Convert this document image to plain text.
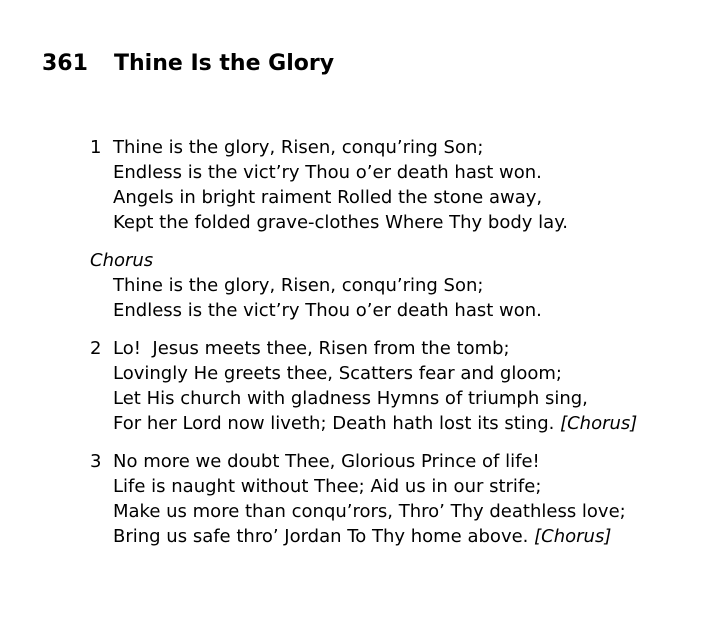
361 Thine Is the Glory
1 Thine is the glory, Risen, conqu’ring Son;
Endless is the vict’ry Thou o’er death hast won.
Angels in bright raiment Rolled the stone away,
Kept the folded grave-clothes Where Thy body lay.
Chorus
Thine is the glory, Risen, conqu’ring Son;
Endless is the vict’ry Thou o’er death hast won.
2 Lo!  Jesus meets thee, Risen from the tomb;
Lovingly He greets thee, Scatters fear and gloom;
Let His church with gladness Hymns of triumph sing,
For her Lord now liveth; Death hath lost its sting. [Chorus]
3 No more we doubt Thee, Glorious Prince of life!
Life is naught without Thee; Aid us in our strife;
Make us more than conqu’rors, Thro’ Thy deathless love;
Bring us safe thro’ Jordan To Thy home above. [Chorus]
